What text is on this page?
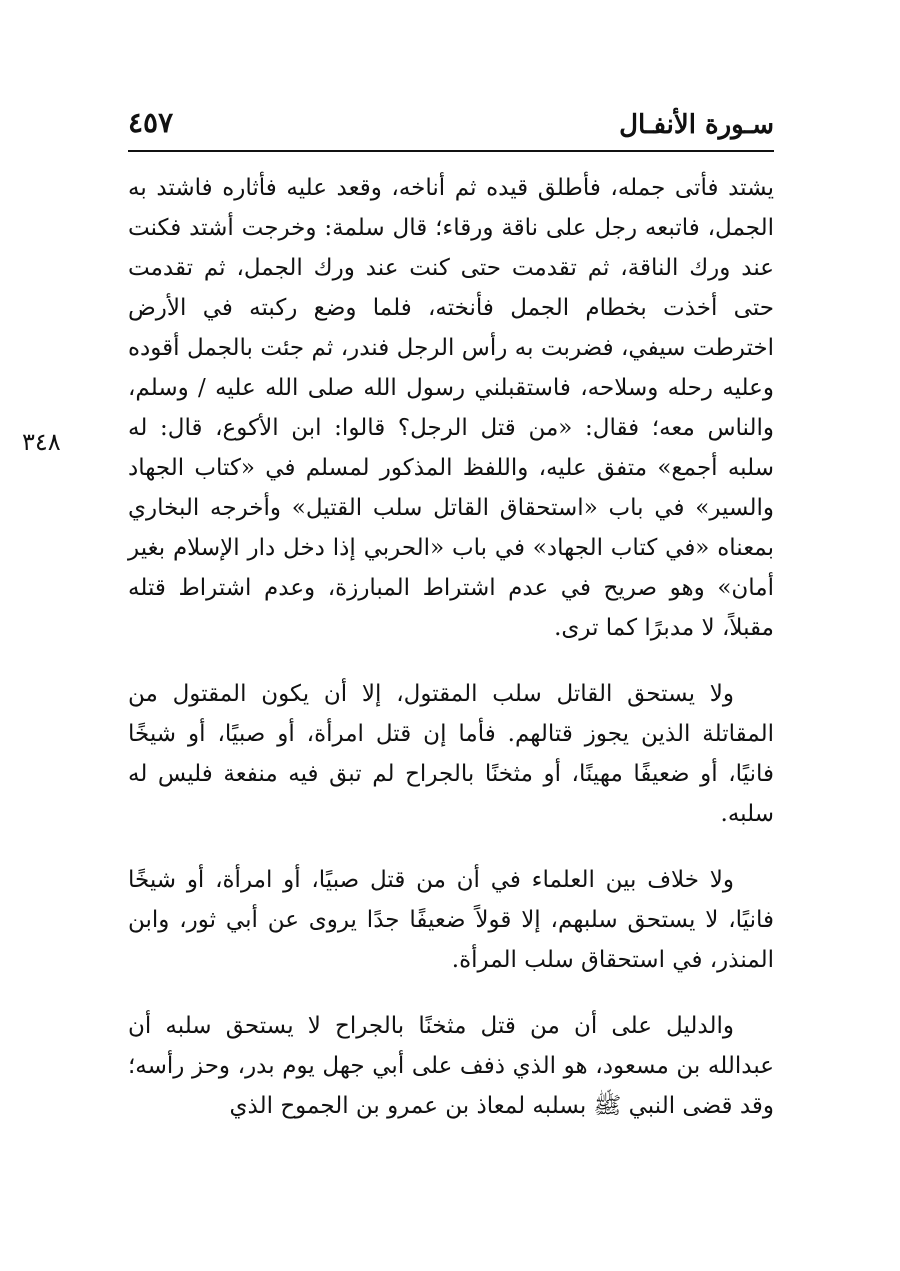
سـورة الأنفـال
٤٥٧
٣٤٨

يشتد فأتى جمله، فأطلق قيده ثم أناخه، وقعد عليه فأثاره فاشتد به الجمل، فاتبعه رجل على ناقة ورقاء؛ قال سلمة: وخرجت أشتد فكنت عند ورك الناقة، ثم تقدمت حتى كنت عند ورك الجمل، ثم تقدمت حتى أخذت بخطام الجمل فأنخته، فلما وضع ركبته في الأرض اخترطت سيفي، فضربت به رأس الرجل فندر، ثم جئت بالجمل أقوده وعليه رحله وسلاحه، فاستقبلني رسول الله صلى الله عليه / وسلم، والناس معه؛ فقال: «من قتل الرجل؟ قالوا: ابن الأكوع، قال: له سلبه أجمع» متفق عليه، واللفظ المذكور لمسلم في «كتاب الجهاد والسير» في باب «استحقاق القاتل سلب القتيل» وأخرجه البخاري بمعناه «في كتاب الجهاد» في باب «الحربي إذا دخل دار الإسلام بغير أمان» وهو صريح في عدم اشتراط المبارزة، وعدم اشتراط قتله مقبلاً، لا مدبرًا كما ترى.

ولا يستحق القاتل سلب المقتول، إلا أن يكون المقتول من المقاتلة الذين يجوز قتالهم. فأما إن قتل امرأة، أو صبيًا، أو شيخًا فانيًا، أو ضعيفًا مهينًا، أو مثخنًا بالجراح لم تبق فيه منفعة فليس له سلبه.

ولا خلاف بين العلماء في أن من قتل صبيًا، أو امرأة، أو شيخًا فانيًا، لا يستحق سلبهم، إلا قولاً ضعيفًا جدًا يروى عن أبي ثور، وابن المنذر، في استحقاق سلب المرأة.

والدليل على أن من قتل مثخنًا بالجراح لا يستحق سلبه أن عبدالله بن مسعود، هو الذي ذفف على أبي جهل يوم بدر، وحز رأسه؛ وقد قضى النبي ﷺ بسلبه لمعاذ بن عمرو بن الجموح الذي
